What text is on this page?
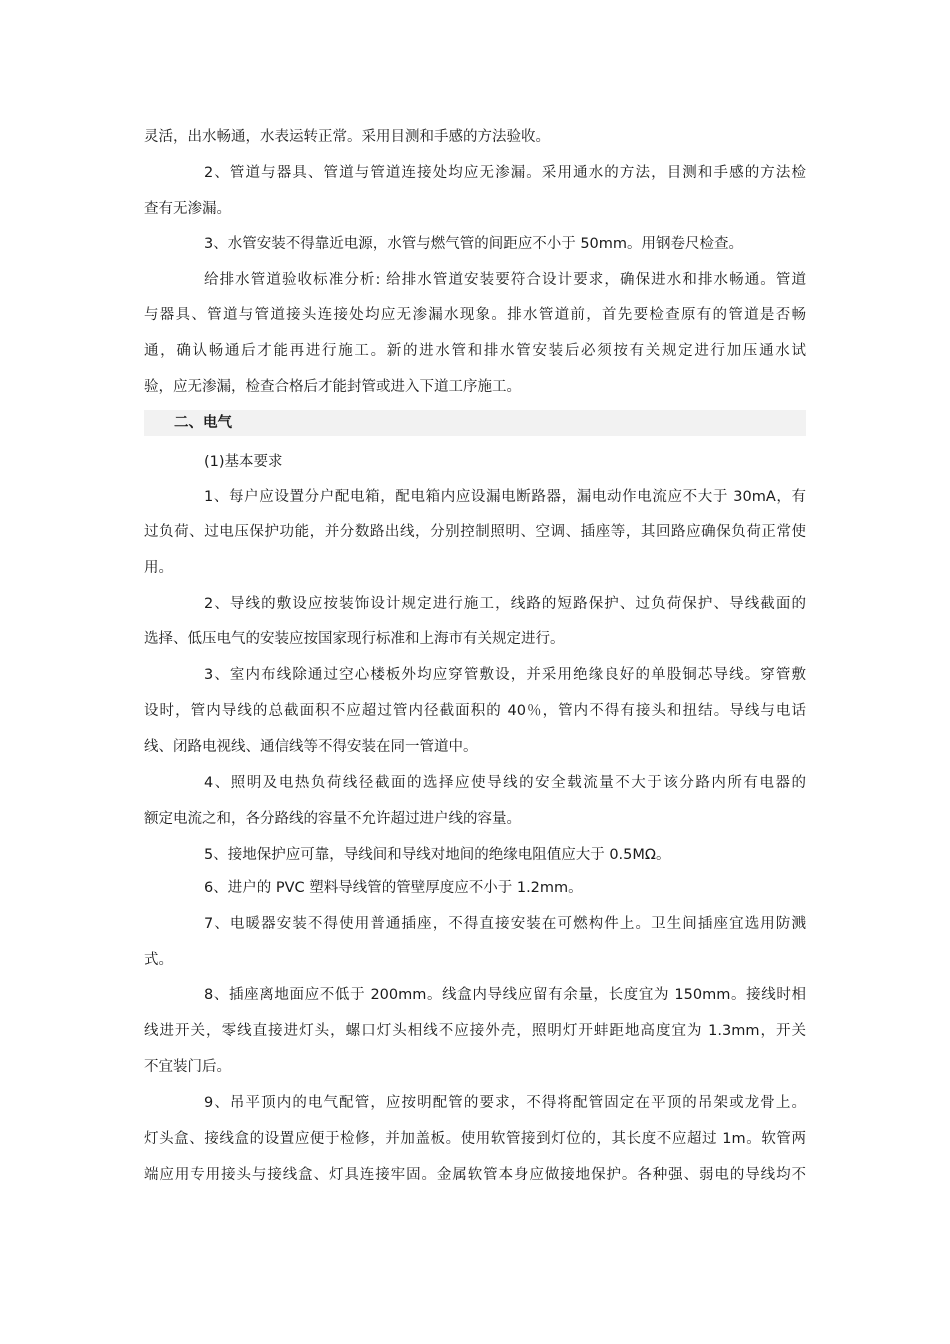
灵活，出水畅通，水表运转正常。采用目测和手感的方法验收。
2、管道与器具、管道与管道连接处均应无渗漏。采用通水的方法，目测和手感的方法检
查有无渗漏。
3、水管安装不得靠近电源，水管与燃气管的间距应不小于 50mm。用钢卷尺检查。
给排水管道验收标准分析: 给排水管道安装要符合设计要求，确保进水和排水畅通。管道
与器具、管道与管道接头连接处均应无渗漏水现象。排水管道前，首先要检查原有的管道是否畅
通，确认畅通后才能再进行施工。新的进水管和排水管安装后必须按有关规定进行加压通水试
验，应无渗漏，检查合格后才能封管或进入下道工序施工。
二、电气
(1)基本要求
1、每户应设置分户配电箱，配电箱内应设漏电断路器，漏电动作电流应不大于 30mA，有
过负荷、过电压保护功能，并分数路出线，分别控制照明、空调、插座等，其回路应确保负荷正常使
用。
2、导线的敷设应按装饰设计规定进行施工，线路的短路保护、过负荷保护、导线截面的
选择、低压电气的安装应按国家现行标准和上海市有关规定进行。
3、室内布线除通过空心楼板外均应穿管敷设，并采用绝缘良好的单股铜芯导线。穿管敷
设时，管内导线的总截面积不应超过管内径截面积的 40％，管内不得有接头和扭结。导线与电话
线、闭路电视线、通信线等不得安装在同一管道中。
4、照明及电热负荷线径截面的选择应使导线的安全载流量不大于该分路内所有电器的
额定电流之和，各分路线的容量不允许超过进户线的容量。
5、接地保护应可靠，导线间和导线对地间的绝缘电阻值应大于 0.5MΩ。
6、进户的 PVC 塑料导线管的管壁厚度应不小于 1.2mm。
7、电暖器安装不得使用普通插座，不得直接安装在可燃构件上。卫生间插座宜选用防溅
式。
8、插座离地面应不低于 200mm。线盒内导线应留有余量，长度宜为 150mm。接线时相
线进开关，零线直接进灯头，螺口灯头相线不应接外壳，照明灯开蚌距地高度宜为 1.3mm，开关
不宜装门后。
9、吊平顶内的电气配管，应按明配管的要求，不得将配管固定在平顶的吊架或龙骨上。
灯头盒、接线盒的设置应便于检修，并加盖板。使用软管接到灯位的，其长度不应超过 1m。软管两
端应用专用接头与接线盒、灯具连接牢固。金属软管本身应做接地保护。各种强、弱电的导线均不
